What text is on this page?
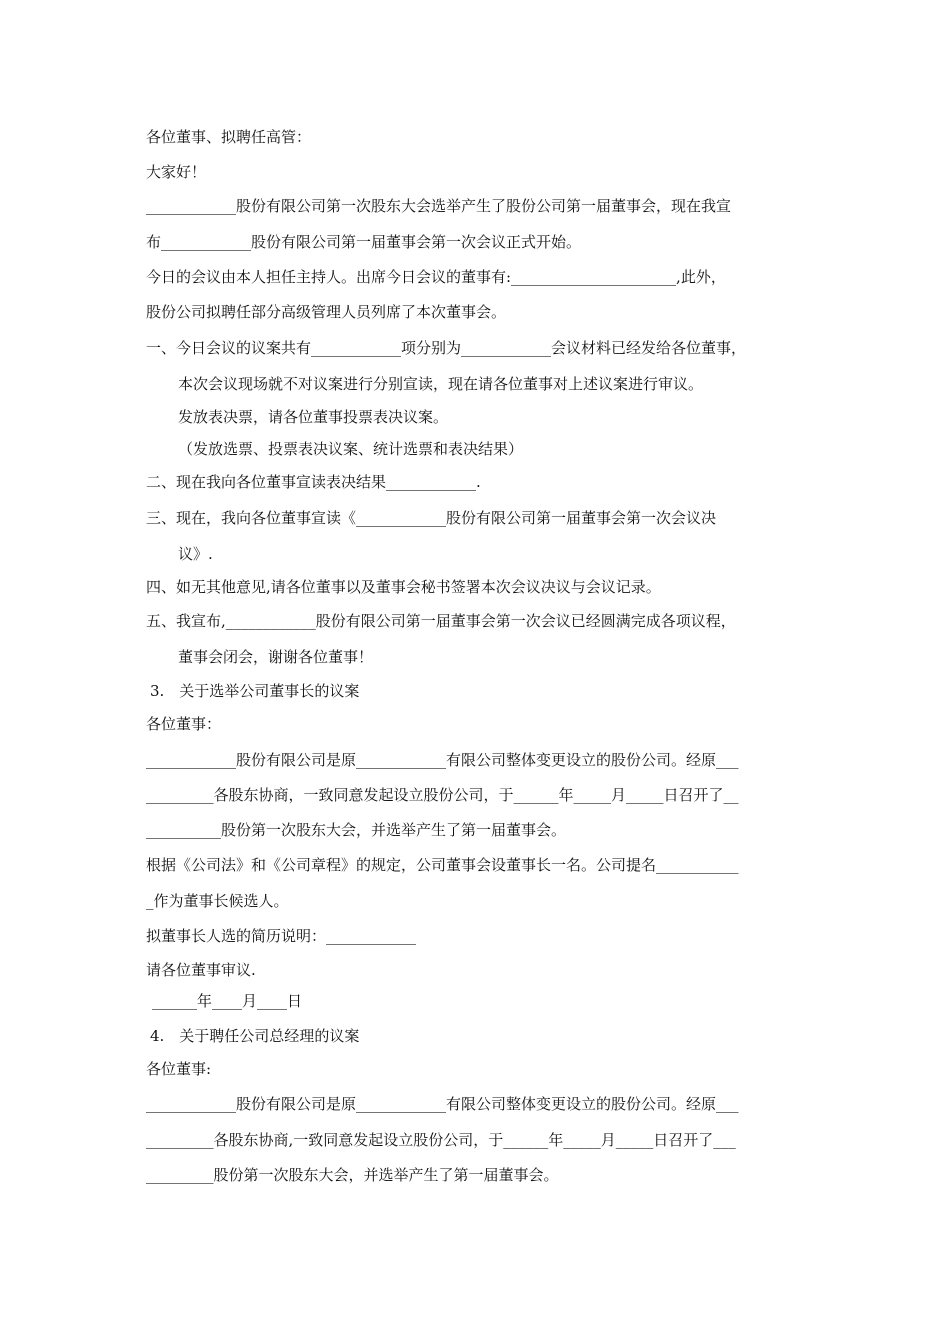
各位董事、拟聘任高管：
大家好！
____________股份有限公司第一次股东大会选举产生了股份公司第一届董事会，现在我宣
布____________股份有限公司第一届董事会第一次会议正式开始。
今日的会议由本人担任主持人。出席今日会议的董事有:______________________,此外，
股份公司拟聘任部分高级管理人员列席了本次董事会。
一、今日会议的议案共有____________项分别为____________会议材料已经发给各位董事，
本次会议现场就不对议案进行分别宣读，现在请各位董事对上述议案进行审议。
发放表决票，请各位董事投票表决议案。
（发放选票、投票表决议案、统计选票和表决结果）
二、现在我向各位董事宣读表决结果____________.
三、现在，我向各位董事宣读《____________股份有限公司第一届董事会第一次会议决
议》.
四、如无其他意见,请各位董事以及董事会秘书签署本次会议决议与会议记录。
五、我宣布,____________股份有限公司第一届董事会第一次会议已经圆满完成各项议程，
董事会闭会，谢谢各位董事！
3.　关于选举公司董事长的议案
各位董事：
____________股份有限公司是原____________有限公司整体变更设立的股份公司。经原___
_________各股东协商，一致同意发起设立股份公司，于______年_____月_____日召开了__
__________股份第一次股东大会，并选举产生了第一届董事会。
根据《公司法》和《公司章程》的规定，公司董事会设董事长一名。公司提名___________
_作为董事长候选人。
拟董事长人选的简历说明：____________
请各位董事审议.
______年____月____日
4.　关于聘任公司总经理的议案
各位董事:
____________股份有限公司是原____________有限公司整体变更设立的股份公司。经原___
_________各股东协商,一致同意发起设立股份公司，于______年_____月_____日召开了___
_________股份第一次股东大会，并选举产生了第一届董事会。
